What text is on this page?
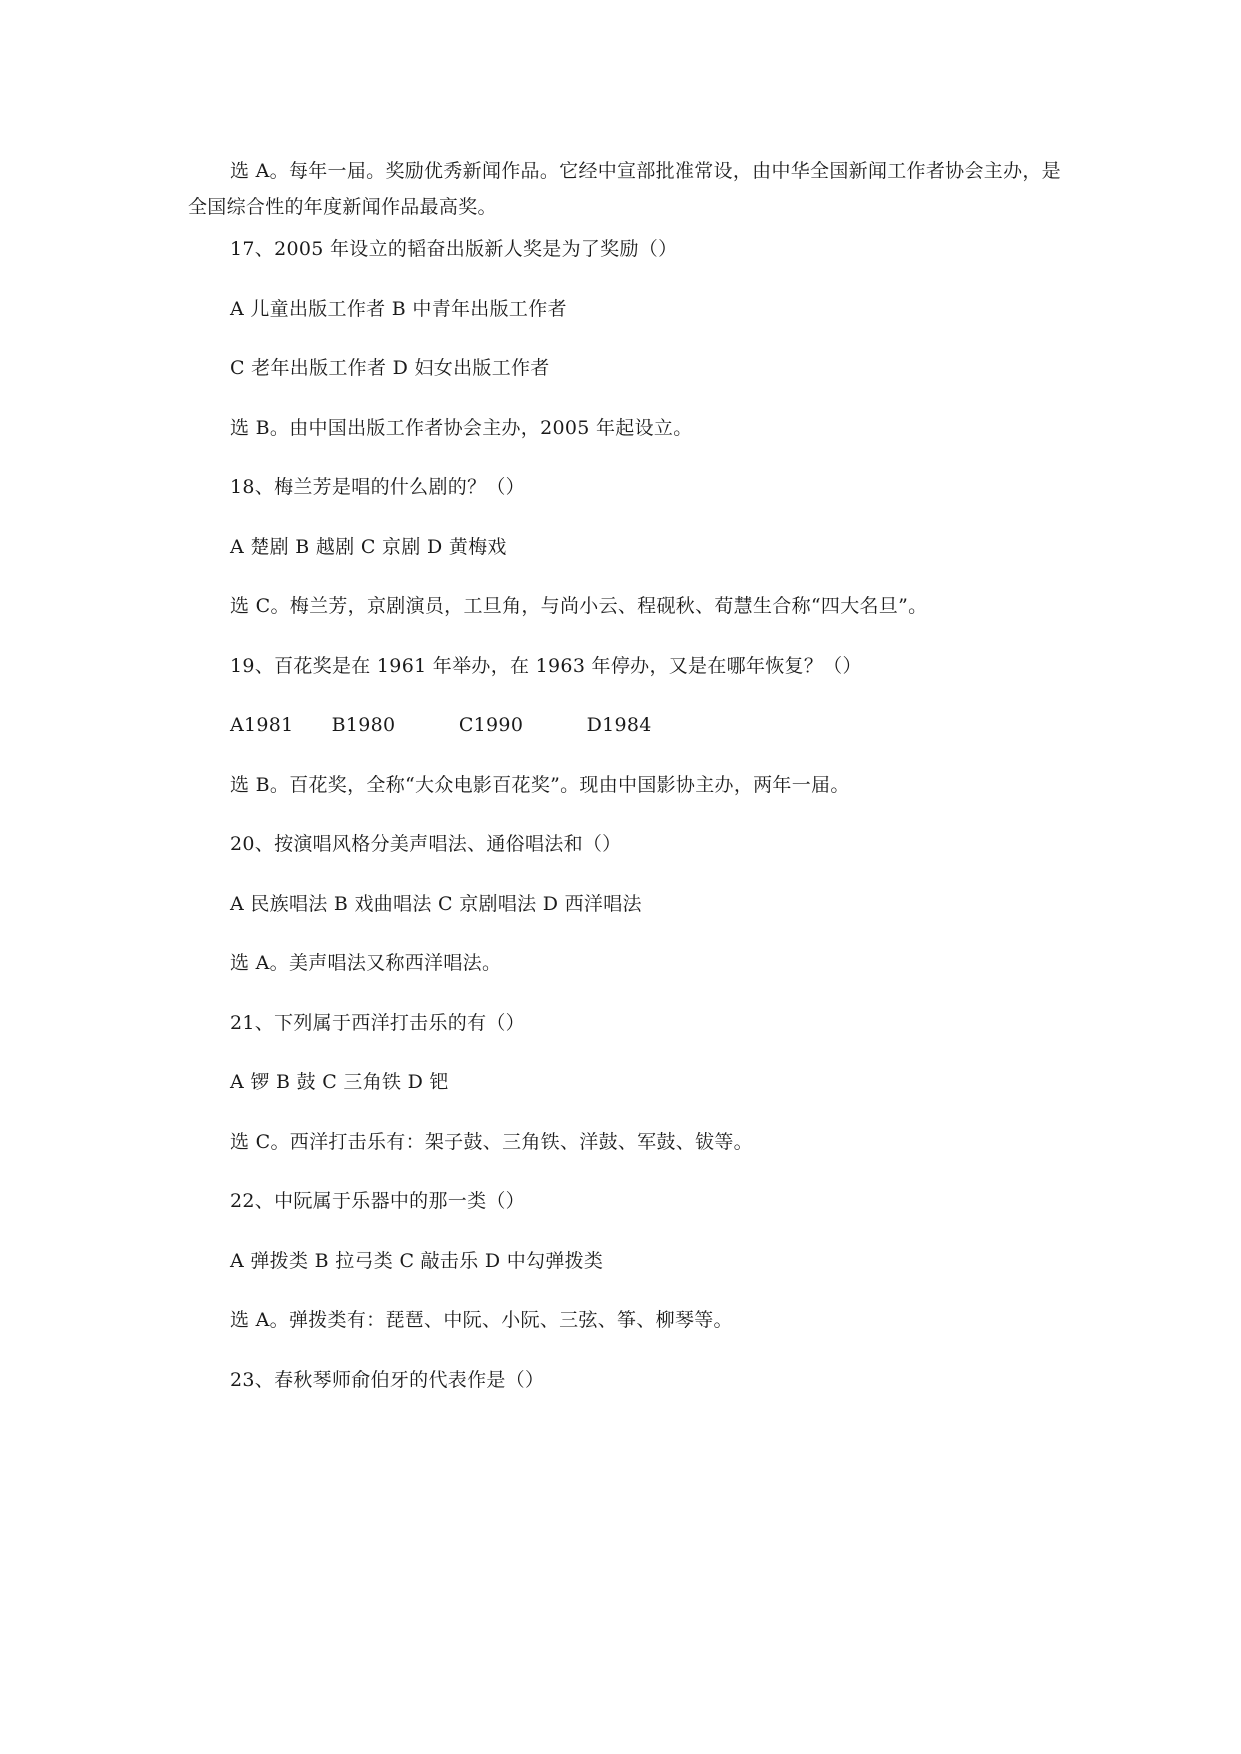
选 A。每年一届。奖励优秀新闻作品。它经中宣部批准常设，由中华全国新闻工作者协会主办，是全国综合性的年度新闻作品最高奖。
17、2005 年设立的韬奋出版新人奖是为了奖励（）
A 儿童出版工作者 B 中青年出版工作者
C 老年出版工作者 D 妇女出版工作者
选 B。由中国出版工作者协会主办，2005 年起设立。
18、梅兰芳是唱的什么剧的？（）
A 楚剧 B 越剧 C 京剧 D 黄梅戏
选 C。梅兰芳，京剧演员，工旦角，与尚小云、程砚秋、荀慧生合称“四大名旦”。
19、百花奖是在 1961 年举办，在 1963 年停办，又是在哪年恢复？（）
A1981      B1980          C1990          D1984
选 B。百花奖，全称“大众电影百花奖”。现由中国影协主办，两年一届。
20、按演唱风格分美声唱法、通俗唱法和（）
A 民族唱法 B 戏曲唱法 C 京剧唱法 D 西洋唱法
选 A。美声唱法又称西洋唱法。
21、下列属于西洋打击乐的有（）
A 锣 B 鼓 C 三角铁 D 钯
选 C。西洋打击乐有：架子鼓、三角铁、洋鼓、军鼓、钹等。
22、中阮属于乐器中的那一类（）
A 弹拨类 B 拉弓类 C 敲击乐 D 中勾弹拨类
选 A。弹拨类有：琵琶、中阮、小阮、三弦、筝、柳琴等。
23、春秋琴师俞伯牙的代表作是（）
